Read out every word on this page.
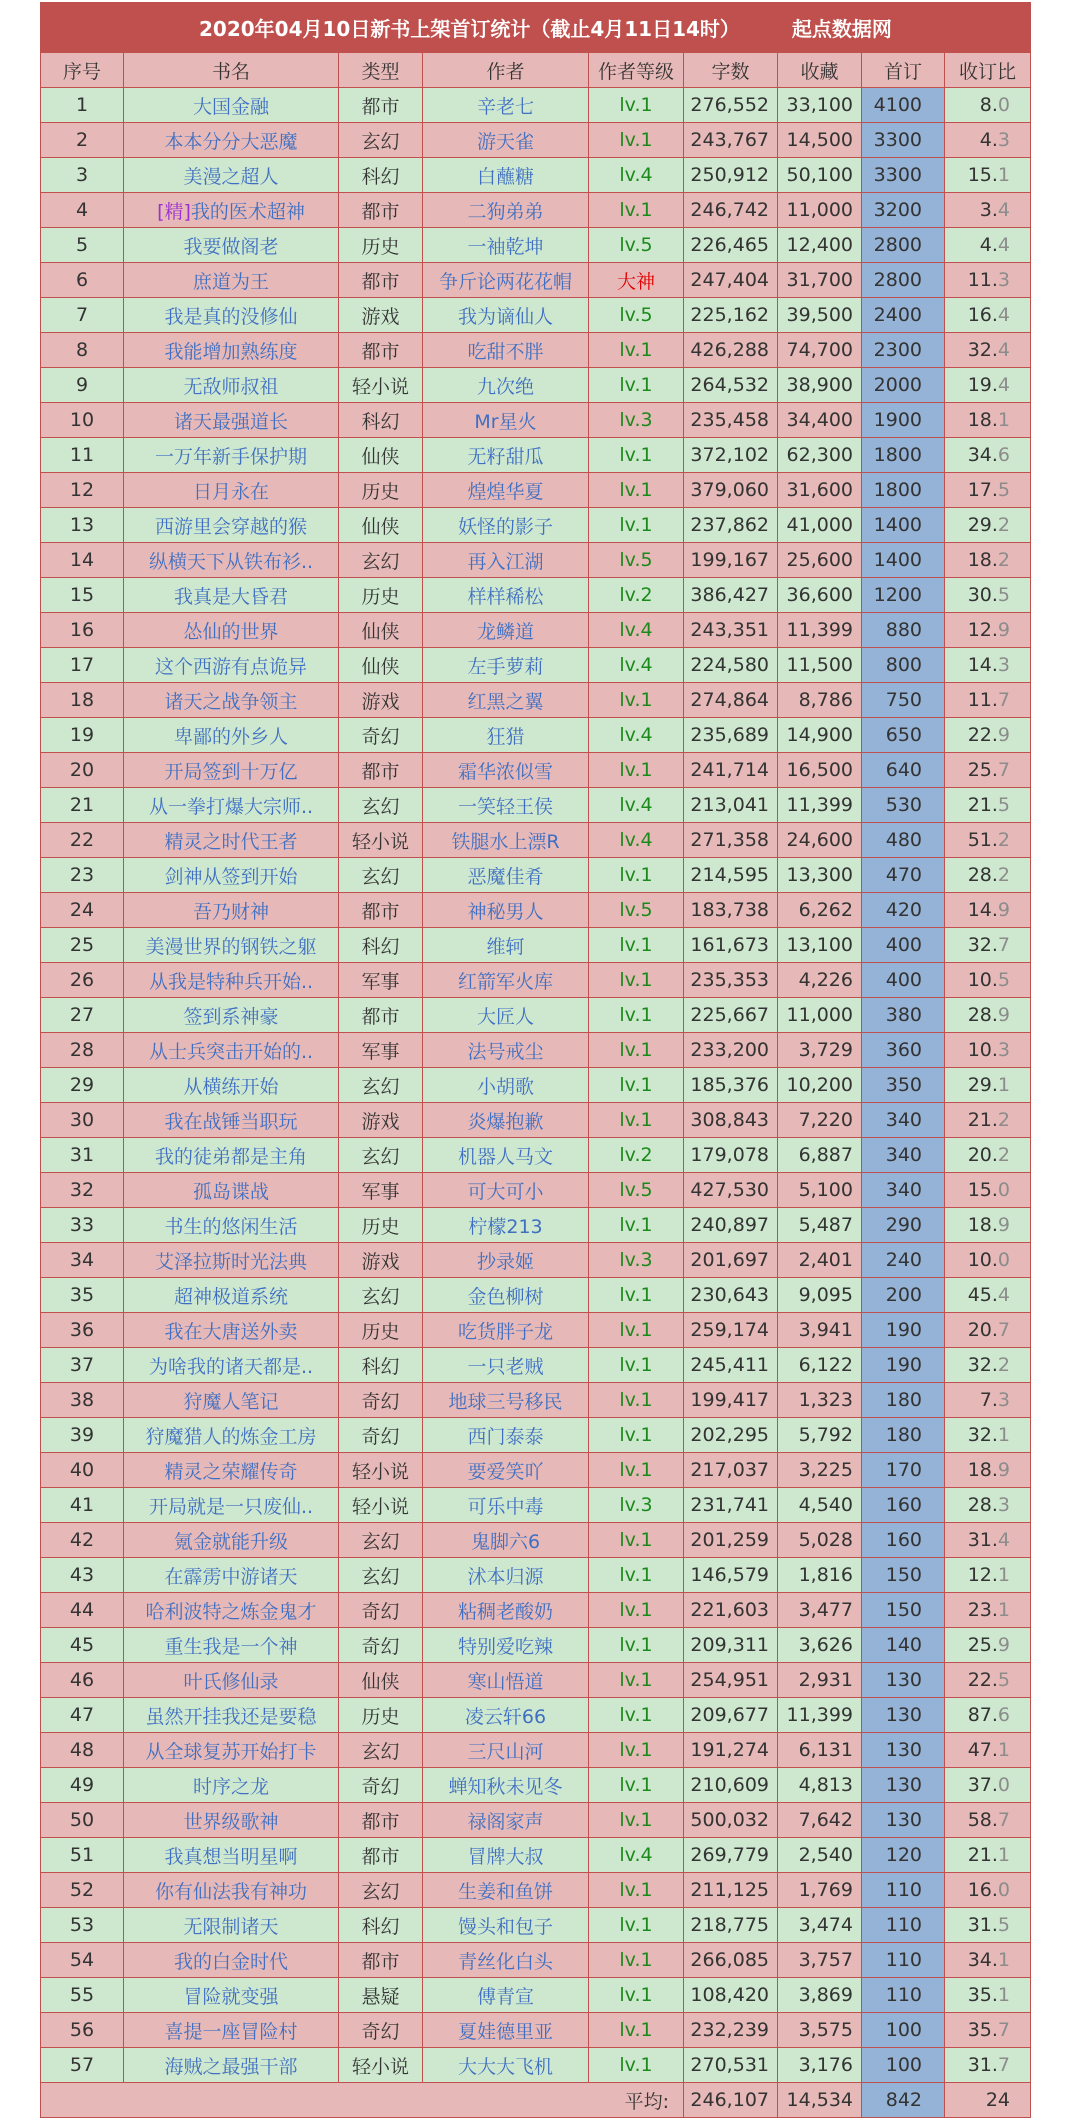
2020年04月10日新书上架首订统计（截止4月11日14时） 起点数据网								
序号	书名	类型	作者	作者等级	字数	收藏	首订	收订比
1	大国金融	都市	辛老七	lv.1	276,552	33,100	4100	8.0
2	本本分分大恶魔	玄幻	游天雀	lv.1	243,767	14,500	3300	4.3
3	美漫之超人	科幻	白蘸糖	lv.4	250,912	50,100	3300	15.1
4	[精]我的医术超神	都市	二狗弟弟	lv.1	246,742	11,000	3200	3.4
5	我要做阁老	历史	一袖乾坤	lv.5	226,465	12,400	2800	4.4
6	庶道为王	都市	争斤论两花花帽	大神	247,404	31,700	2800	11.3
7	我是真的没修仙	游戏	我为谪仙人	lv.5	225,162	39,500	2400	16.4
8	我能增加熟练度	都市	吃甜不胖	lv.1	426,288	74,700	2300	32.4
9	无敌师叔祖	轻小说	九次绝	lv.1	264,532	38,900	2000	19.4
10	诸天最强道长	科幻	Mr星火	lv.3	235,458	34,400	1900	18.1
11	一万年新手保护期	仙侠	无籽甜瓜	lv.1	372,102	62,300	1800	34.6
12	日月永在	历史	煌煌华夏	lv.1	379,060	31,600	1800	17.5
13	西游里会穿越的猴	仙侠	妖怪的影子	lv.1	237,862	41,000	1400	29.2
14	纵横天下从铁布衫..	玄幻	再入江湖	lv.5	199,167	25,600	1400	18.2
15	我真是大昏君	历史	样样稀松	lv.2	386,427	36,600	1200	30.5
16	怂仙的世界	仙侠	龙鳞道	lv.4	243,351	11,399	880	12.9
17	这个西游有点诡异	仙侠	左手萝莉	lv.4	224,580	11,500	800	14.3
18	诸天之战争领主	游戏	红黑之翼	lv.1	274,864	8,786	750	11.7
19	卑鄙的外乡人	奇幻	狂猎	lv.4	235,689	14,900	650	22.9
20	开局签到十万亿	都市	霜华浓似雪	lv.1	241,714	16,500	640	25.7
21	从一拳打爆大宗师..	玄幻	一笑轻王侯	lv.4	213,041	11,399	530	21.5
22	精灵之时代王者	轻小说	铁腿水上漂R	lv.4	271,358	24,600	480	51.2
23	剑神从签到开始	玄幻	恶魔佳肴	lv.1	214,595	13,300	470	28.2
24	吾乃财神	都市	神秘男人	lv.5	183,738	6,262	420	14.9
25	美漫世界的钢铁之躯	科幻	维轲	lv.1	161,673	13,100	400	32.7
26	从我是特种兵开始..	军事	红箭军火库	lv.1	235,353	4,226	400	10.5
27	签到系神豪	都市	大匠人	lv.1	225,667	11,000	380	28.9
28	从士兵突击开始的..	军事	法号戒尘	lv.1	233,200	3,729	360	10.3
29	从横练开始	玄幻	小胡歌	lv.1	185,376	10,200	350	29.1
30	我在战锤当职玩	游戏	炎爆抱歉	lv.1	308,843	7,220	340	21.2
31	我的徒弟都是主角	玄幻	机器人马文	lv.2	179,078	6,887	340	20.2
32	孤岛谍战	军事	可大可小	lv.5	427,530	5,100	340	15.0
33	书生的悠闲生活	历史	柠檬213	lv.1	240,897	5,487	290	18.9
34	艾泽拉斯时光法典	游戏	抄录姬	lv.3	201,697	2,401	240	10.0
35	超神极道系统	玄幻	金色柳树	lv.1	230,643	9,095	200	45.4
36	我在大唐送外卖	历史	吃货胖子龙	lv.1	259,174	3,941	190	20.7
37	为啥我的诸天都是..	科幻	一只老贼	lv.1	245,411	6,122	190	32.2
38	狩魔人笔记	奇幻	地球三号移民	lv.1	199,417	1,323	180	7.3
39	狩魔猎人的炼金工房	奇幻	西门泰泰	lv.1	202,295	5,792	180	32.1
40	精灵之荣耀传奇	轻小说	要爱笑吖	lv.1	217,037	3,225	170	18.9
41	开局就是一只废仙..	轻小说	可乐中毒	lv.3	231,741	4,540	160	28.3
42	氪金就能升级	玄幻	鬼脚六6	lv.1	201,259	5,028	160	31.4
43	在霹雳中游诸天	玄幻	沭本归源	lv.1	146,579	1,816	150	12.1
44	哈利波特之炼金鬼才	奇幻	粘稠老酸奶	lv.1	221,603	3,477	150	23.1
45	重生我是一个神	奇幻	特别爱吃辣	lv.1	209,311	3,626	140	25.9
46	叶氏修仙录	仙侠	寒山悟道	lv.1	254,951	2,931	130	22.5
47	虽然开挂我还是要稳	历史	凌云轩66	lv.1	209,677	11,399	130	87.6
48	从全球复苏开始打卡	玄幻	三尺山河	lv.1	191,274	6,131	130	47.1
49	时序之龙	奇幻	蝉知秋未见冬	lv.1	210,609	4,813	130	37.0
50	世界级歌神	都市	禄阁家声	lv.1	500,032	7,642	130	58.7
51	我真想当明星啊	都市	冒牌大叔	lv.4	269,779	2,540	120	21.1
52	你有仙法我有神功	玄幻	生姜和鱼饼	lv.1	211,125	1,769	110	16.0
53	无限制诸天	科幻	馒头和包子	lv.1	218,775	3,474	110	31.5
54	我的白金时代	都市	青丝化白头	lv.1	266,085	3,757	110	34.1
55	冒险就变强	悬疑	傅青宣	lv.1	108,420	3,869	110	35.1
56	喜提一座冒险村	奇幻	夏娃德里亚	lv.1	232,239	3,575	100	35.7
57	海贼之最强干部	轻小说	大大大飞机	lv.1	270,531	3,176	100	31.7
平均:					246,107	14,534	842	24
